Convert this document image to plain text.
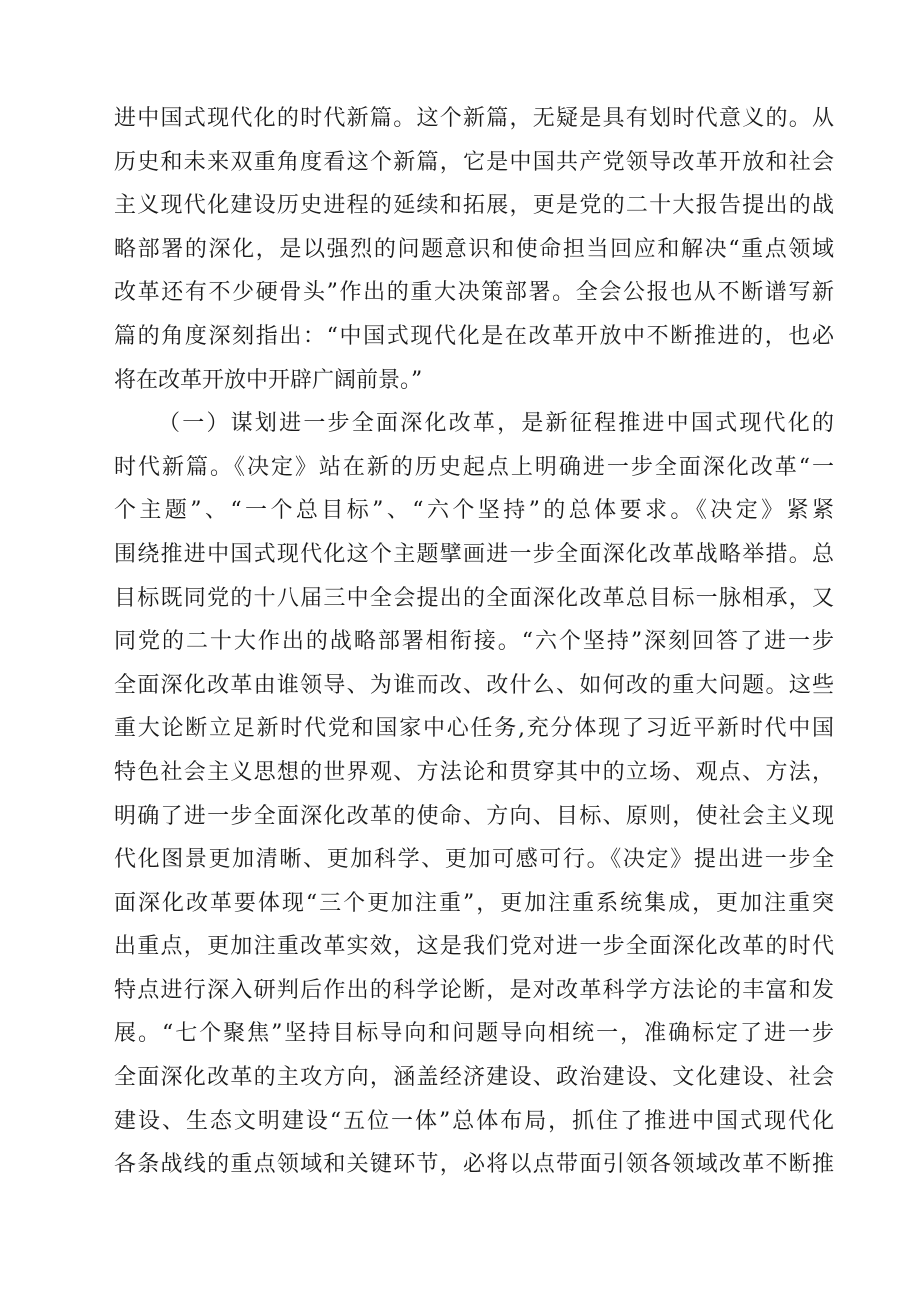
进中国式现代化的时代新篇。这个新篇，无疑是具有划时代意义的。从
历史和未来双重角度看这个新篇，它是中国共产党领导改革开放和社会
主义现代化建设历史进程的延续和拓展，更是党的二十大报告提出的战
略部署的深化，是以强烈的问题意识和使命担当回应和解决“重点领域
改革还有不少硬骨头”作出的重大决策部署。全会公报也从不断谱写新
篇的角度深刻指出：“中国式现代化是在改革开放中不断推进的，也必
将在改革开放中开辟广阔前景。”
（一）谋划进一步全面深化改革，是新征程推进中国式现代化的
时代新篇。《决定》站在新的历史起点上明确进一步全面深化改革“一
个主题”、“一个总目标”、“六个坚持”的总体要求。《决定》紧紧
围绕推进中国式现代化这个主题擘画进一步全面深化改革战略举措。总
目标既同党的十八届三中全会提出的全面深化改革总目标一脉相承，又
同党的二十大作出的战略部署相衔接。“六个坚持”深刻回答了进一步
全面深化改革由谁领导、为谁而改、改什么、如何改的重大问题。这些
重大论断立足新时代党和国家中心任务,充分体现了习近平新时代中国
特色社会主义思想的世界观、方法论和贯穿其中的立场、观点、方法，
明确了进一步全面深化改革的使命、方向、目标、原则，使社会主义现
代化图景更加清晰、更加科学、更加可感可行。《决定》提出进一步全
面深化改革要体现“三个更加注重”，更加注重系统集成，更加注重突
出重点，更加注重改革实效，这是我们党对进一步全面深化改革的时代
特点进行深入研判后作出的科学论断，是对改革科学方法论的丰富和发
展。“七个聚焦”坚持目标导向和问题导向相统一，准确标定了进一步
全面深化改革的主攻方向，涵盖经济建设、政治建设、文化建设、社会
建设、生态文明建设“五位一体”总体布局，抓住了推进中国式现代化
各条战线的重点领域和关键环节，必将以点带面引领各领域改革不断推
